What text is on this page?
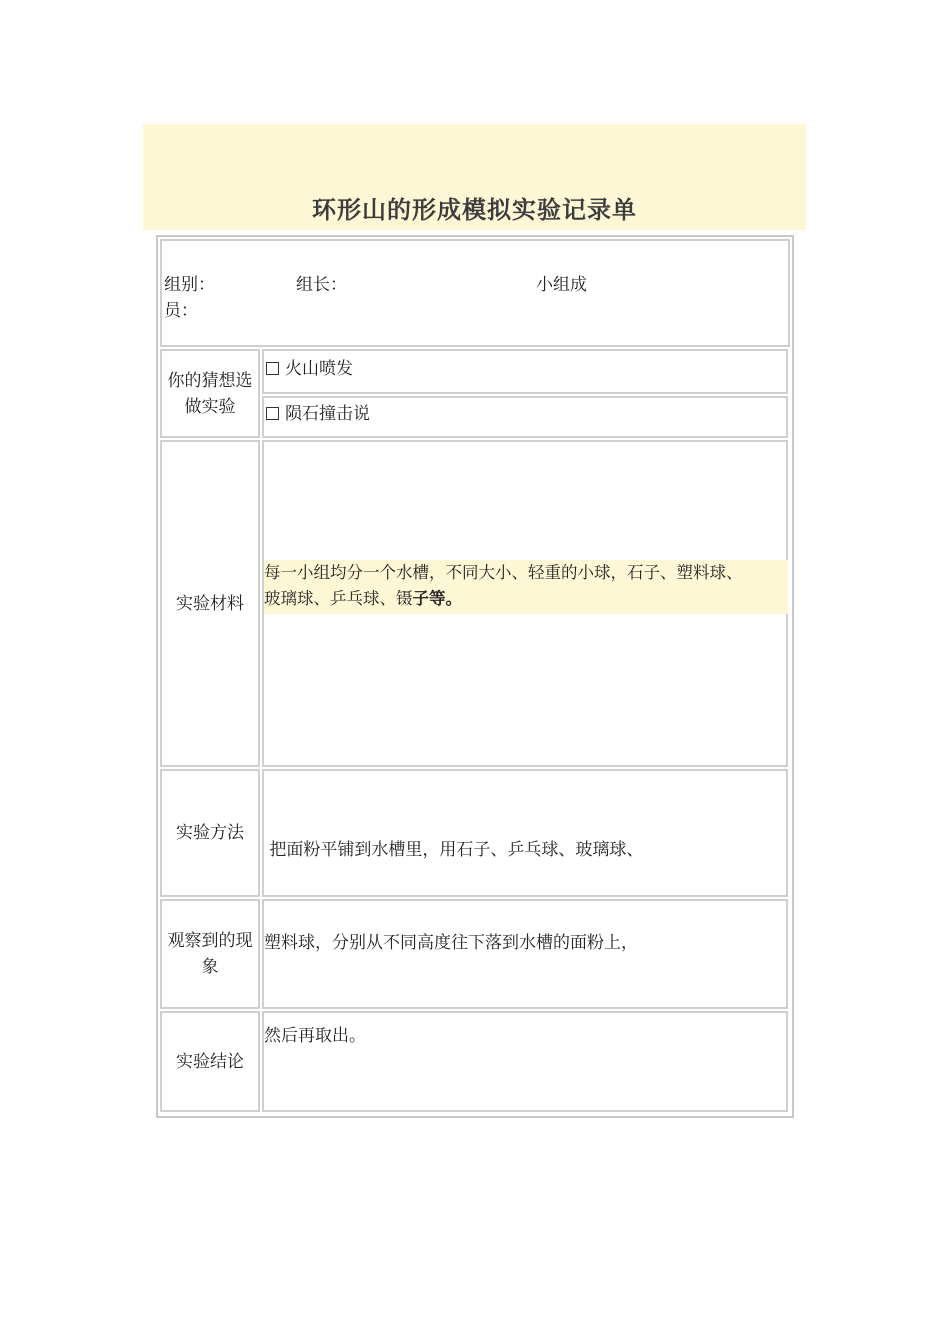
环形山的形成模拟实验记录单
组别：	组长：	小组成
员：
你的猜想选
做实验
火山喷发
陨石撞击说
实验材料
每一小组均分一个水槽，不同大小、轻重的小球，石子、塑料球、
玻璃球、乒乓球、镊子等。
实验方法

把面粉平铺到水槽里，用石子、乒乓球、玻璃球、

塑料球，分别从不同高度往下落到水槽的面粉上，

然后再取出。

观察到的现
象
实验结论
